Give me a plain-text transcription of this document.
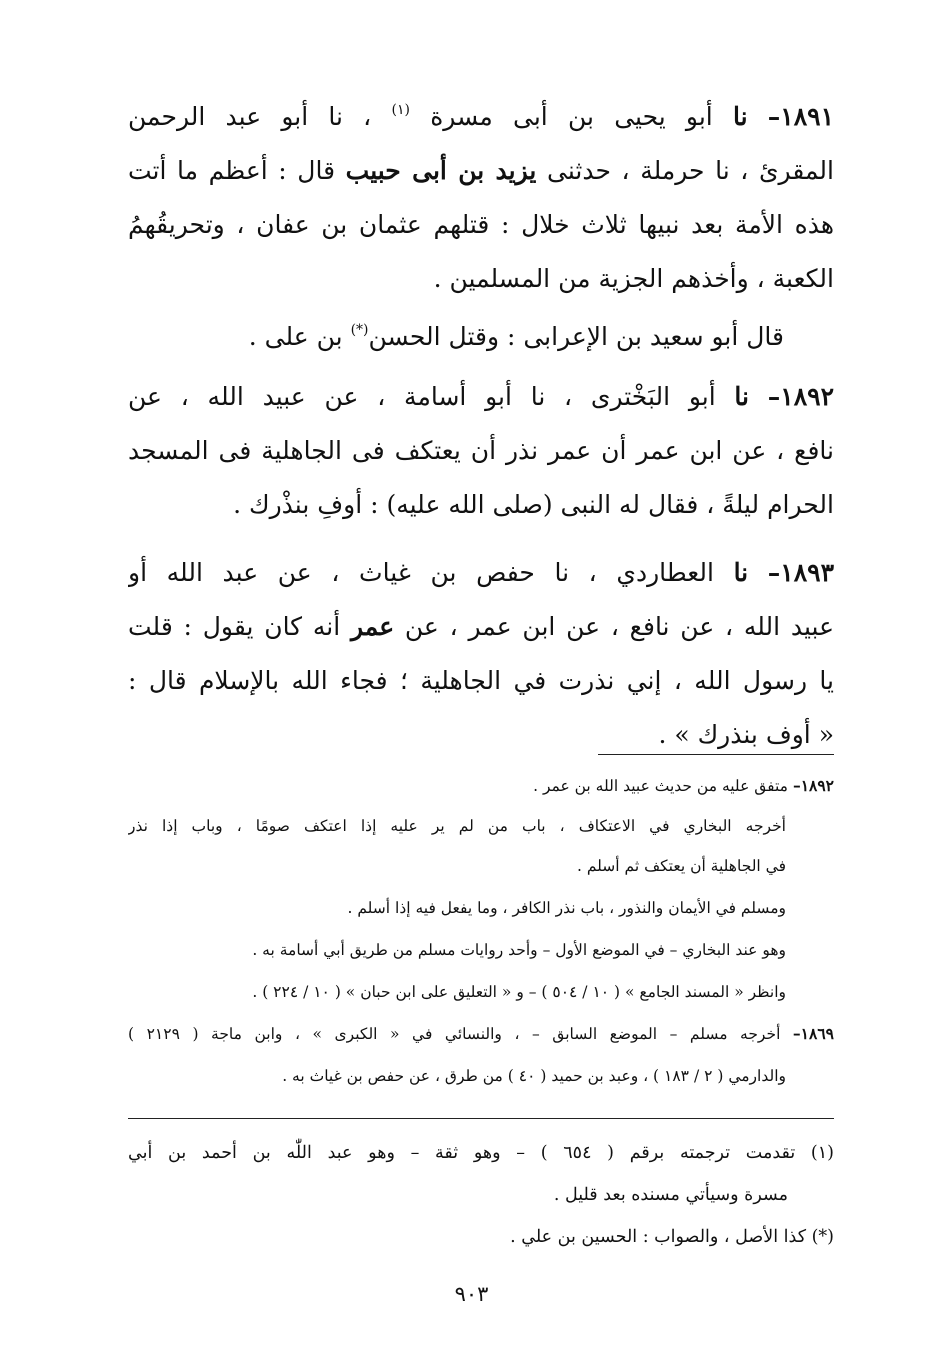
١٨٩١– نا أبو يحيى بن أبى مسرة $^{(١)}$ ، نا أبو عبد الرحمن
المقرئ ، نا حرملة ، حدثنى يزيد بن أبى حبيب قال : أعظم ما أتت
هذه الأمة بعد نبيها ثلاث خلال : قتلهم عثمان بن عفان ، وتحريقُهمُ
الكعبة ، وأخذهم الجزية من المسلمين .
قال أبو سعيد بن الإعرابى : وقتل الحسن(*) بن على .
١٨٩٢– نا أبو البَخْترى ، نا أبو أسامة ، عن عبيد الله ، عن
نافع ، عن ابن عمر أن عمر نذر أن يعتكف فى الجاهلية فى المسجد
الحرام ليلةً ، فقال له النبى (صلى الله عليه) : أوفِ بنذْرك .
١٨٩٣– نا العطاردي ، نا حفص بن غياث ، عن عبد الله أو
عبيد الله ، عن نافع ، عن ابن عمر ، عن عمر أنه كان يقول : قلت
يا رسول الله ، إني نذرت في الجاهلية ؛ فجاء الله بالإسلام قال :
« أوف بنذرك » .
١٨٩٢– متفق عليه من حديث عبيد الله بن عمر .
أخرجه البخاري في الاعتكاف ، باب من لم ير عليه إذا اعتكف صومًا ، وباب إذا نذر
في الجاهلية أن يعتكف ثم أسلم .
ومسلم في الأيمان والنذور ، باب نذر الكافر ، وما يفعل فيه إذا أسلم .
وهو عند البخاري – في الموضع الأول – وأحد روايات مسلم من طريق أبي أسامة به .
وانظر « المسند الجامع » ( ١٠ / ٥٠٤ ) – و « التعليق على ابن حبان » ( ١٠ / ٢٢٤ ) .
١٨٦٩– أخرجه مسلم – الموضع السابق – ، والنسائي في « الكبرى » ، وابن ماجة ( ٢١٢٩ )
والدارمي ( ٢ / ١٨٣ ) ، وعبد بن حميد ( ٤٠ ) من طرق ، عن حفص بن غياث به .
(١) تقدمت ترجمته برقم ( ٦٥٤ ) – وهو ثقة – وهو عبد اللّٰه بن أحمد بن أبي
مسرة وسيأتي مسنده بعد قليل .
(*) كذا الأصل ، والصواب : الحسين بن علي .
٩٠٣
